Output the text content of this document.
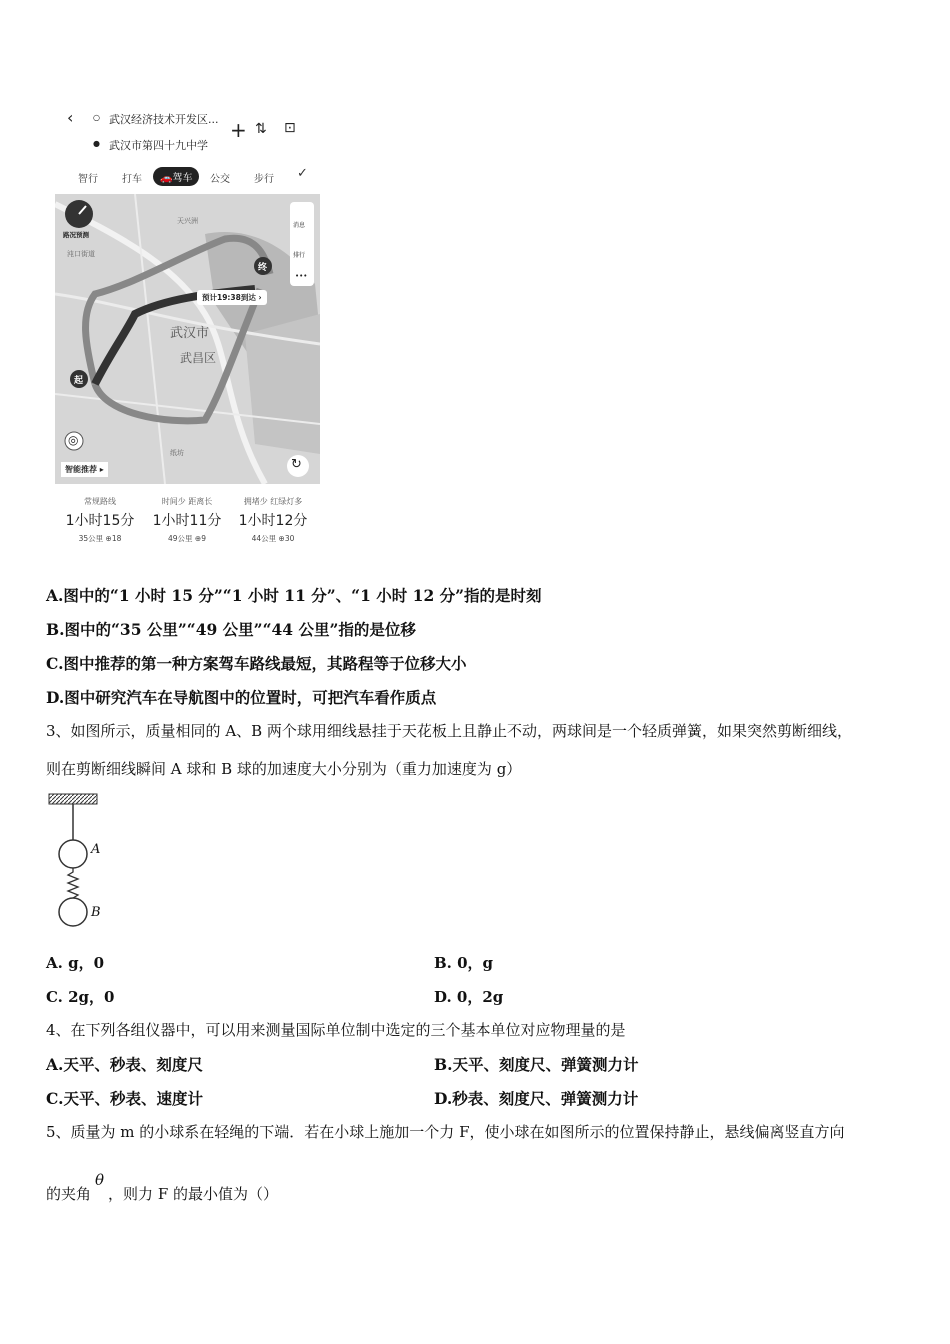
‹ ○ 武汉经济技术开发区...
● 武汉市第四十九中学
+ ⇅ ⊡
智行 打车	🚗驾车	公交 步行 ✓
路况预测
沌口街道
天兴洲
消息
排行
•••
终
预计19:38到达 ›
武汉市
武昌区
起
◎
纸坊
智能推荐 ▸	↻
常规路线
1小时15分
35公里 ⊕18
时间少 距离长
1小时11分
49公里 ⊕9
拥堵少 红绿灯多
1小时12分
44公里 ⊕30
A.图中的“1 小时 15 分”“1 小时 11 分”、“1 小时 12 分”指的是时刻
B.图中的“35 公里”“49 公里”“44 公里”指的是位移
C.图中推荐的第一种方案驾车路线最短，其路程等于位移大小
D.图中研究汽车在导航图中的位置时，可把汽车看作质点
3、如图所示，质量相同的 A、B 两个球用细线悬挂于天花板上且静止不动，两球间是一个轻质弹簧，如果突然剪断细线，
则在剪断细线瞬间 A 球和 B 球的加速度大小分别为（重力加速度为 g）
A
B
A. g，0	B. 0，g
C. 2g，0	D. 0，2g
4、在下列各组仪器中，可以用来测量国际单位制中选定的三个基本单位对应物理量的是
A.天平、秒表、刻度尺	B.天平、刻度尺、弹簧测力计
C.天平、秒表、速度计	D.秒表、刻度尺、弹簧测力计
5、质量为 m 的小球系在轻绳的下端．若在小球上施加一个力 F，使小球在如图所示的位置保持静止，悬线偏离竖直方向
的夹角θ，则力 F 的最小值为（）
